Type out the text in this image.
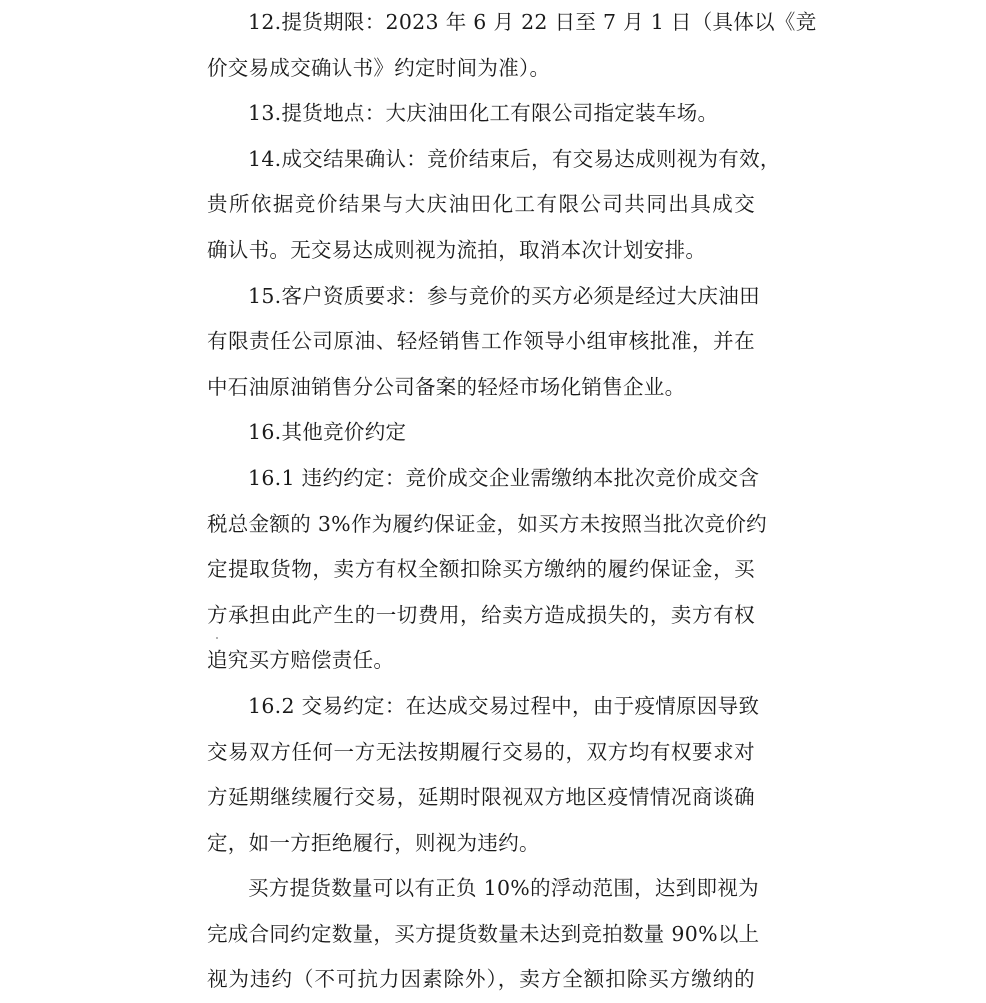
12.提货期限：2023 年 6 月 22 日至 7 月 1 日（具体以《竞
价交易成交确认书》约定时间为准）。

13.提货地点：大庆油田化工有限公司指定装车场。

14.成交结果确认：竞价结束后，有交易达成则视为有效，
贵所依据竞价结果与大庆油田化工有限公司共同出具成交
确认书。无交易达成则视为流拍，取消本次计划安排。

15.客户资质要求：参与竞价的买方必须是经过大庆油田
有限责任公司原油、轻烃销售工作领导小组审核批准，并在
中石油原油销售分公司备案的轻烃市场化销售企业。

16.其他竞价约定

16.1 违约约定：竞价成交企业需缴纳本批次竞价成交含
税总金额的 3%作为履约保证金，如买方未按照当批次竞价约
定提取货物，卖方有权全额扣除买方缴纳的履约保证金，买
方承担由此产生的一切费用，给卖方造成损失的，卖方有权
追究买方赔偿责任。

16.2 交易约定：在达成交易过程中，由于疫情原因导致
交易双方任何一方无法按期履行交易的，双方均有权要求对
方延期继续履行交易，延期时限视双方地区疫情情况商谈确
定，如一方拒绝履行，则视为违约。

买方提货数量可以有正负 10%的浮动范围，达到即视为
完成合同约定数量，买方提货数量未达到竞拍数量 90%以上
视为违约（不可抗力因素除外），卖方全额扣除买方缴纳的
